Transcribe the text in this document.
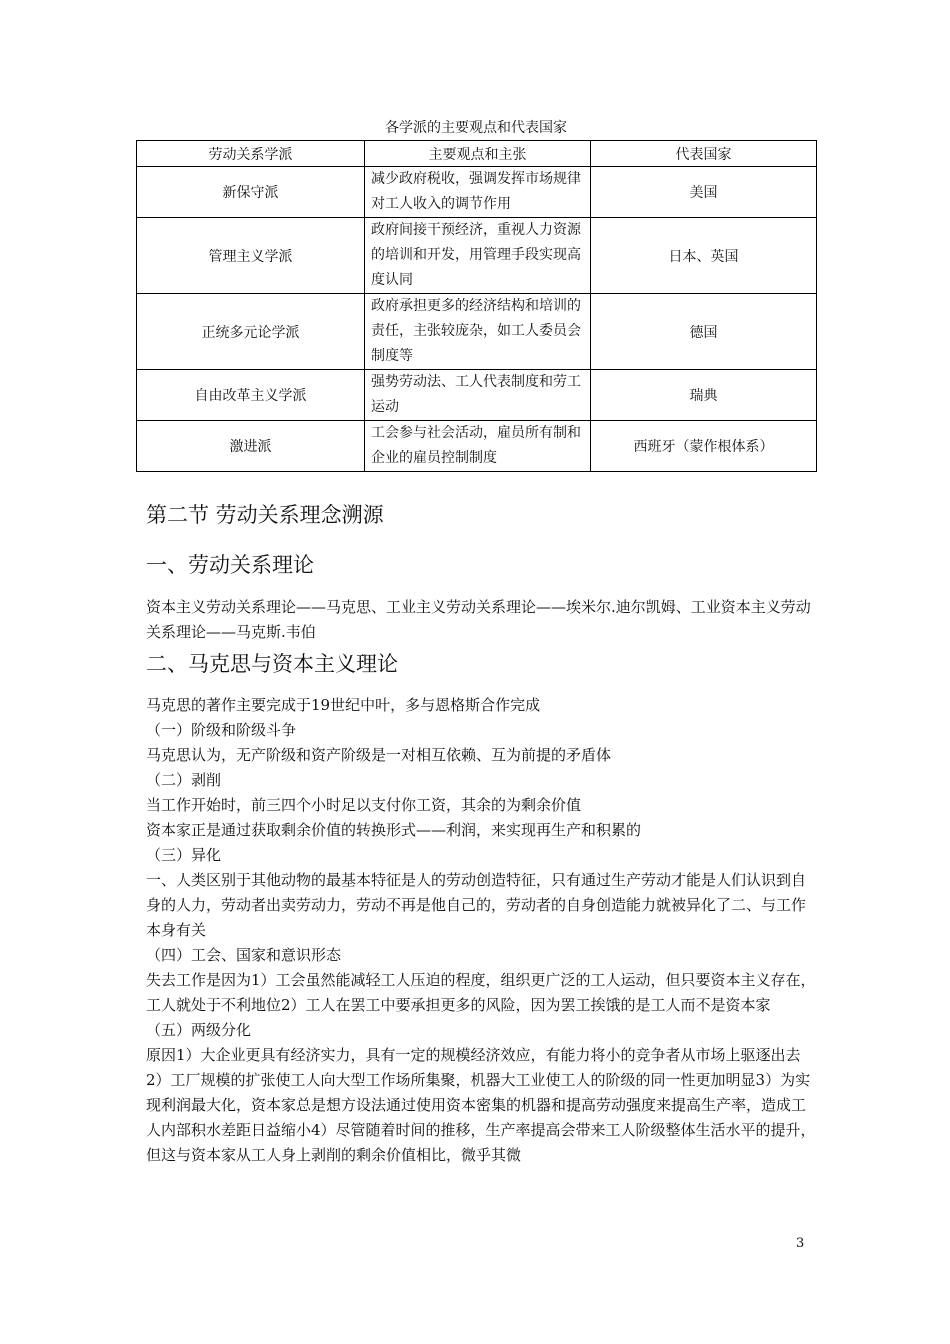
各学派的主要观点和代表国家
劳动关系学派	主要观点和主张	代表国家
新保守派	减少政府税收，强调发挥市场规律对工人收入的调节作用	美国
管理主义学派	政府间接干预经济，重视人力资源的培训和开发，用管理手段实现高度认同	日本、英国
正统多元论学派	政府承担更多的经济结构和培训的责任，主张较庞杂，如工人委员会制度等	德国
自由改革主义学派	强势劳动法、工人代表制度和劳工运动	瑞典
激进派	工会参与社会活动，雇员所有制和企业的雇员控制制度	西班牙（蒙作根体系）
第二节 劳动关系理念溯源
一、劳动关系理论
资本主义劳动关系理论——马克思、工业主义劳动关系理论——埃米尔.迪尔凯姆、工业资本主义劳动关系理论——马克斯.韦伯
二、马克思与资本主义理论

马克思的著作主要完成于19世纪中叶，多与恩格斯合作完成

（一）阶级和阶级斗争

马克思认为，无产阶级和资产阶级是一对相互依赖、互为前提的矛盾体

（二）剥削

当工作开始时，前三四个小时足以支付你工资，其余的为剩余价值

资本家正是通过获取剩余价值的转换形式——利润，来实现再生产和积累的

（三）异化

一、人类区别于其他动物的最基本特征是人的劳动创造特征，只有通过生产劳动才能是人们认识到自身的人力，劳动者出卖劳动力，劳动不再是他自己的，劳动者的自身创造能力就被异化了二、与工作本身有关

（四）工会、国家和意识形态

失去工作是因为1）工会虽然能减轻工人压迫的程度，组织更广泛的工人运动，但只要资本主义存在，工人就处于不利地位2）工人在罢工中要承担更多的风险，因为罢工挨饿的是工人而不是资本家

（五）两级分化

原因1）大企业更具有经济实力，具有一定的规模经济效应，有能力将小的竞争者从市场上驱逐出去2）工厂规模的扩张使工人向大型工作场所集聚，机器大工业使工人的阶级的同一性更加明显3）为实现利润最大化，资本家总是想方设法通过使用资本密集的机器和提高劳动强度来提高生产率，造成工人内部积水差距日益缩小4）尽管随着时间的推移，生产率提高会带来工人阶级整体生活水平的提升，但这与资本家从工人身上剥削的剩余价值相比，微乎其微

3
